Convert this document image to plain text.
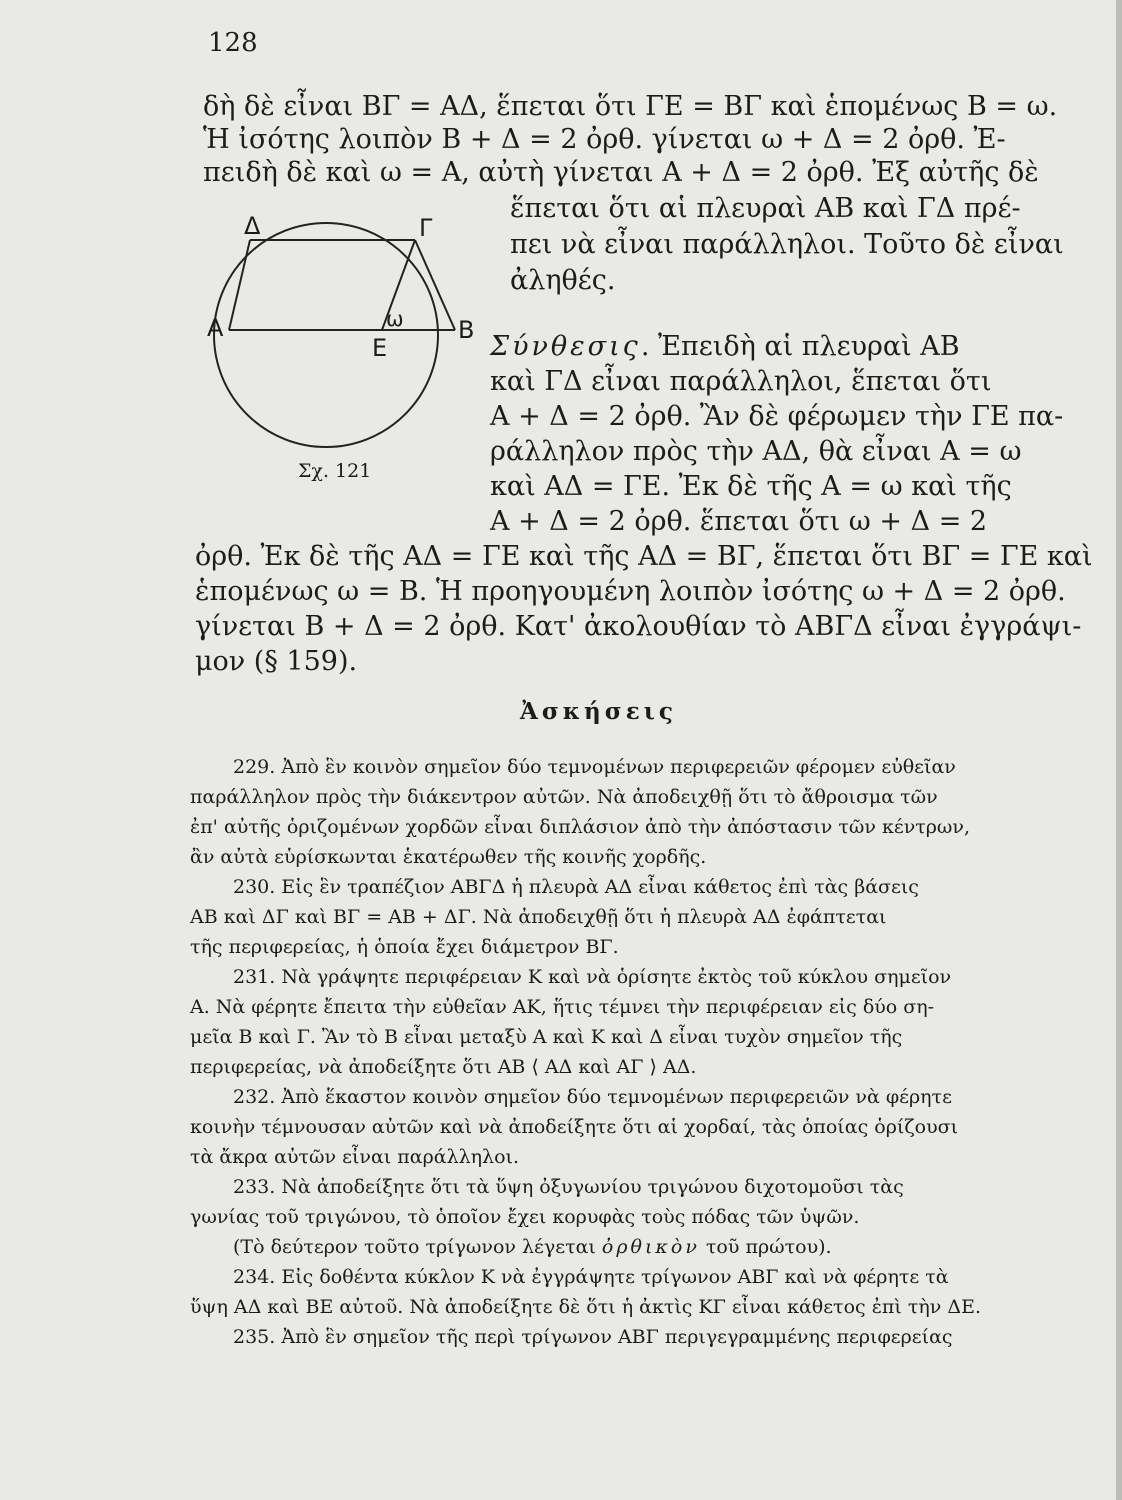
128
δὴ δὲ εἶναι ΒΓ = ΑΔ, ἕπεται ὅτι ΓΕ = ΒΓ καὶ ἑπομένως Β = ω.
Ἡ ἰσότης λοιπὸν Β + Δ = 2 ὀρθ. γίνεται ω + Δ = 2 ὀρθ. Ἐ-
πειδὴ δὲ καὶ ω = Α, αὐτὴ γίνεται Α + Δ = 2 ὀρθ. Ἐξ αὐτῆς δὲ
ἕπεται ὅτι αἱ πλευραὶ ΑΒ καὶ ΓΔ πρέ-
πει νὰ εἶναι παράλληλοι. Τοῦτο δὲ εἶναι
ἀληθές.
Δ	Γ
Α	Β
Ε
ω
Σχ. 121
Σύνθεσις. Ἐπειδὴ αἱ πλευραὶ ΑΒ
καὶ ΓΔ εἶναι παράλληλοι, ἕπεται ὅτι
Α + Δ = 2 ὀρθ. Ἂν δὲ φέρωμεν τὴν ΓΕ πα-
ράλληλον πρὸς τὴν ΑΔ, θὰ εἶναι Α = ω
καὶ ΑΔ = ΓΕ. Ἐκ δὲ τῆς Α = ω καὶ τῆς
Α + Δ = 2 ὀρθ. ἕπεται ὅτι ω + Δ = 2
ὀρθ. Ἐκ δὲ τῆς ΑΔ = ΓΕ καὶ τῆς ΑΔ = ΒΓ, ἕπεται ὅτι ΒΓ = ΓΕ καὶ
ἑπομένως ω = Β. Ἡ προηγουμένη λοιπὸν ἰσότης ω + Δ = 2 ὀρθ.
γίνεται Β + Δ = 2 ὀρθ. Κατ' ἀκολουθίαν τὸ ΑΒΓΔ εἶναι ἐγγράψι-
μον (§ 159).
Ἀσκήσεις
229. Ἀπὸ ἓν κοινὸν σημεῖον δύο τεμνομένων περιφερειῶν φέρομεν εὐθεῖαν
παράλληλον πρὸς τὴν διάκεντρον αὐτῶν. Νὰ ἀποδειχθῇ ὅτι τὸ ἄθροισμα τῶν
ἐπ' αὐτῆς ὁριζομένων χορδῶν εἶναι διπλάσιον ἀπὸ τὴν ἀπόστασιν τῶν κέντρων,
ἂν αὐτὰ εὑρίσκωνται ἑκατέρωθεν τῆς κοινῆς χορδῆς.
230. Εἰς ἓν τραπέζιον ΑΒΓΔ ἡ πλευρὰ ΑΔ εἶναι κάθετος ἐπὶ τὰς βάσεις
ΑΒ καὶ ΔΓ καὶ ΒΓ = ΑΒ + ΔΓ. Νὰ ἀποδειχθῇ ὅτι ἡ πλευρὰ ΑΔ ἐφάπτεται
τῆς περιφερείας, ἡ ὁποία ἔχει διάμετρον ΒΓ.
231. Νὰ γράψητε περιφέρειαν Κ καὶ νὰ ὁρίσητε ἐκτὸς τοῦ κύκλου σημεῖον
Α. Νὰ φέρητε ἔπειτα τὴν εὐθεῖαν ΑΚ, ἥτις τέμνει τὴν περιφέρειαν εἰς δύο ση-
μεῖα Β καὶ Γ. Ἂν τὸ Β εἶναι μεταξὺ Α καὶ Κ καὶ Δ εἶναι τυχὸν σημεῖον τῆς
περιφερείας, νὰ ἀποδείξητε ὅτι ΑΒ ⟨ ΑΔ καὶ ΑΓ ⟩ ΑΔ.
232. Ἀπὸ ἕκαστον κοινὸν σημεῖον δύο τεμνομένων περιφερειῶν νὰ φέρητε
κοινὴν τέμνουσαν αὐτῶν καὶ νὰ ἀποδείξητε ὅτι αἱ χορδαί, τὰς ὁποίας ὁρίζουσι
τὰ ἄκρα αὐτῶν εἶναι παράλληλοι.
233. Νὰ ἀποδείξητε ὅτι τὰ ὕψη ὀξυγωνίου τριγώνου διχοτομοῦσι τὰς
γωνίας τοῦ τριγώνου, τὸ ὁποῖον ἔχει κορυφὰς τοὺς πόδας τῶν ὑψῶν.
(Τὸ δεύτερον τοῦτο τρίγωνον λέγεται ὀρθικὸν τοῦ πρώτου).
234. Εἰς δοθέντα κύκλον Κ νὰ ἐγγράψητε τρίγωνον ΑΒΓ καὶ νὰ φέρητε τὰ
ὕψη ΑΔ καὶ ΒΕ αὐτοῦ. Νὰ ἀποδείξητε δὲ ὅτι ἡ ἀκτὶς ΚΓ εἶναι κάθετος ἐπὶ τὴν ΔΕ.
235. Ἀπὸ ἓν σημεῖον τῆς περὶ τρίγωνον ΑΒΓ περιγεγραμμένης περιφερείας
